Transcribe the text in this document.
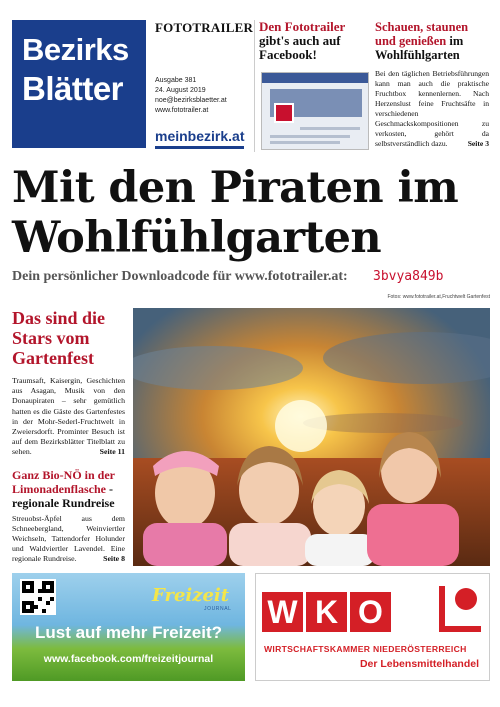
Bezirks
Blätter
FOTOTRAILER
Ausgabe 381
24. August 2019
noe@bezirksblaetter.at
www.fototrailer.at
meinbezirk.at
Den Fototrailer
gibt's auch auf
Facebook!
Schauen, staunen und genießen im Wohlfühlgarten
Bei den täglichen Betriebsführungen kann man auch die praktische Fruchtbox kennenlernen. Nach Herzenslust feine Fruchtsäfte in verschiedenen Geschmackskompositionen zu verkosten, gehört da selbstverständlich dazu.	Seite 3
Mit den Piraten im
Wohlfühlgarten
Dein persönlicher Downloadcode für www.fototrailer.at: 3bvya849b
Fotos: www.fototrailer.at,Fruchtwelt Gartenfest
Das sind die Stars vom Gartenfest
Traumsaft, Kaisergin, Geschichten aus Asagan, Musik von den Donaupiraten – sehr gemütlich hatten es die Gäste des Gartenfestes in der Mohr-Sederl-Fruchtwelt in Zweiersdorft. Prominter Besuch ist auf dem Bezirksblätter Titelblatt zu sehen.	Seite 11
Ganz Bio-NÖ in der Limonadenflasche - regionale Rundreise
Streuobst-Äpfel aus dem Schneebergland, Weinviertler Weichseln, Tattendorfer Holunder und Waldviertler Lavendel. Eine regionale Rundreise.	Seite 8
Freizeit
JOURNAL
Lust auf mehr Freizeit?
www.facebook.com/freizeitjournal
W K O
WIRTSCHAFTSKAMMER NIEDERÖSTERREICH
Der Lebensmittelhandel
